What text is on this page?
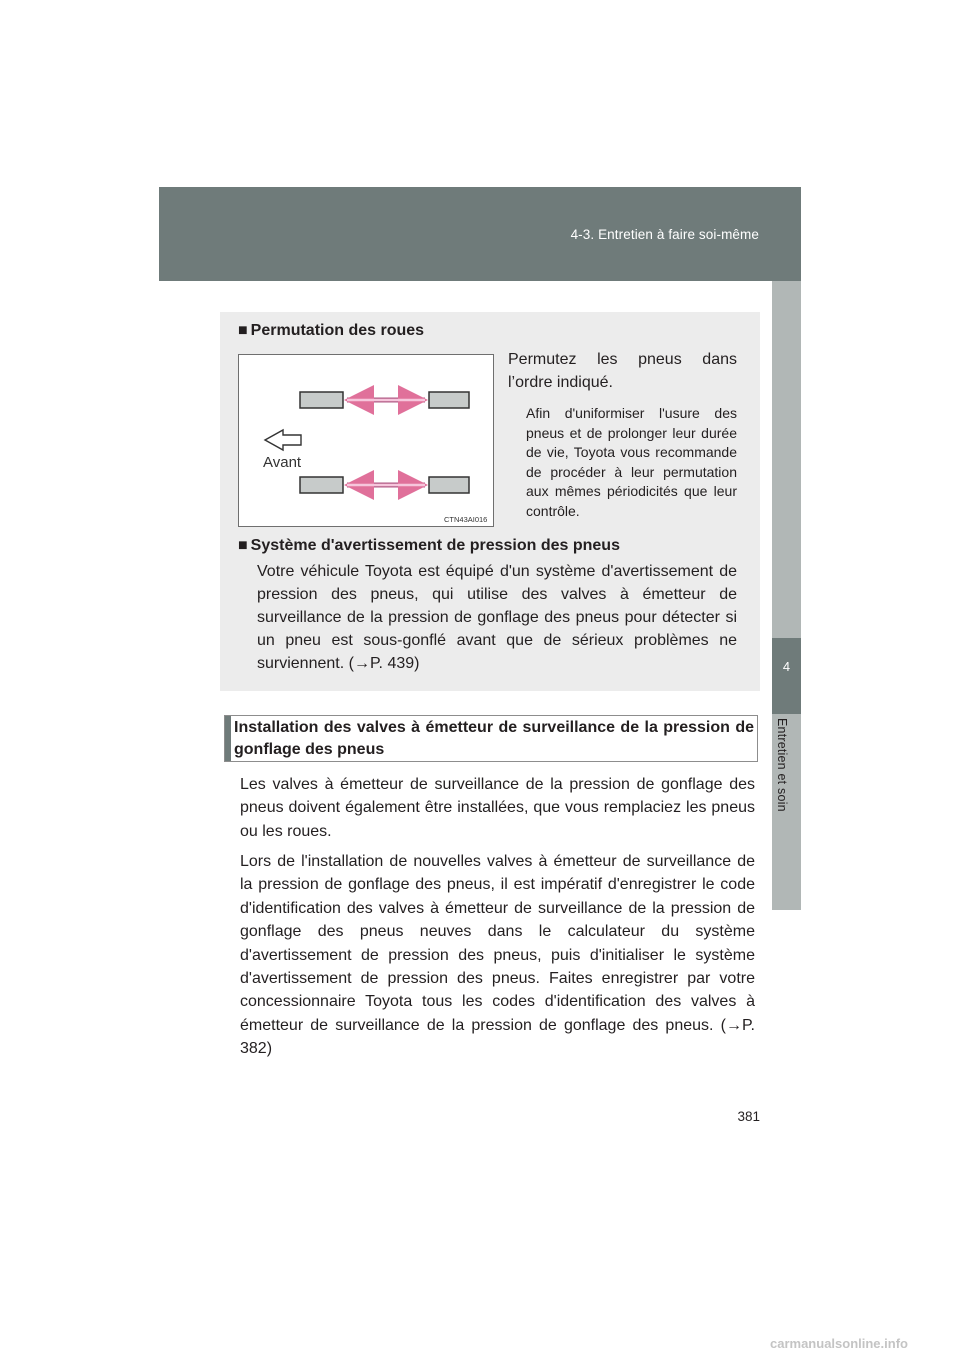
4-3. Entretien à faire soi-même
4
Entretien et soin
■ Permutation des roues
Avant
CTN43AI016
Permutez les pneus dans l’ordre indiqué.
Afin d'uniformiser l'usure des pneus et de prolonger leur durée de vie, Toyota vous recommande de procéder à leur permutation aux mêmes périodicités que leur contrôle.
■ Système d'avertissement de pression des pneus
Votre véhicule Toyota est équipé d'un système d'avertissement de pression des pneus, qui utilise des valves à émetteur de surveillance de la pression de gonflage des pneus pour détecter si un pneu est sous-gonflé avant que de sérieux problèmes ne surviennent. (→P. 439)
Installation des valves à émetteur de surveillance de la pression de gonflage des pneus
Les valves à émetteur de surveillance de la pression de gonflage des pneus doivent également être installées, que vous remplaciez les pneus ou les roues.
Lors de l'installation de nouvelles valves à émetteur de surveillance de la pression de gonflage des pneus, il est impératif d'enregistrer le code d'identification des valves à émetteur de surveillance de la pression de gonflage des pneus neuves dans le calculateur du système d'avertissement de pression des pneus, puis d'initialiser le système d'avertissement de pression des pneus. Faites enregistrer par votre concessionnaire Toyota tous les codes d'identification des valves à émetteur de surveillance de la pression de gonflage des pneus. (→P. 382)
381
carmanualsonline.info
